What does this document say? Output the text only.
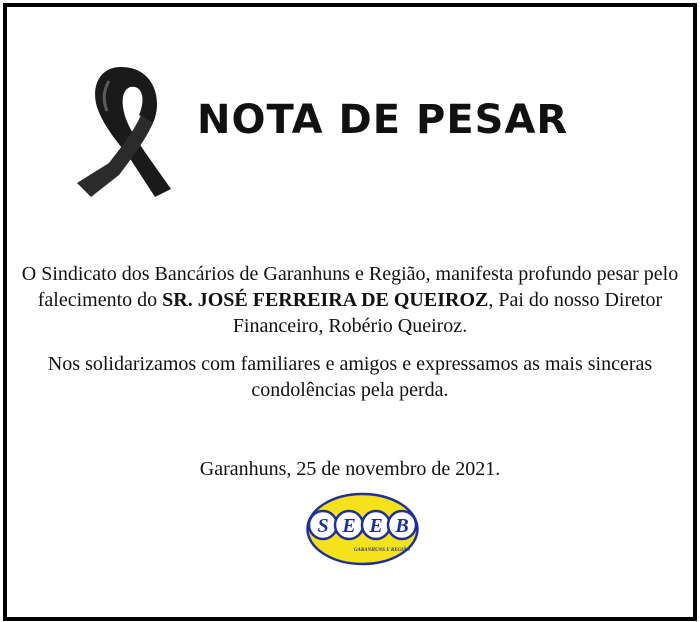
NOTA DE PESAR
O Sindicato dos Bancários de Garanhuns e Região, manifesta profundo pesar pelo falecimento do SR. JOSÉ FERREIRA DE QUEIROZ, Pai do nosso Diretor Financeiro, Robério Queiroz.
Nos solidarizamos com familiares e amigos e expressamos as mais sinceras condolências pela perda.
Garanhuns, 25 de novembro de 2021.
S E E B
GARANHUNS E REGIÃO
